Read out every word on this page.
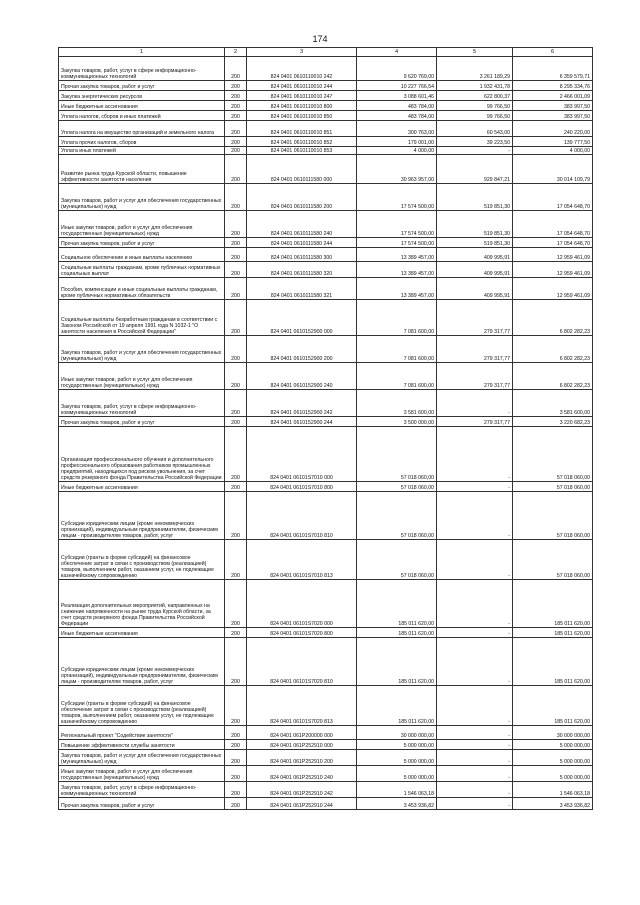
174
1	2	3	4	5	6
Закупка товаров, работ, услуг в сфере информационно-коммуникационных технологий	200	824 0401 0610110010 242	9 620 769,00	3 261 189,29	6 359 579,71
Прочая закупка товаров, работ и услуг	200	824 0401 0610110010 244	10 227 766,54	1 932 431,78	8 295 334,76
Закупка энергетических ресурсов	200	824 0401 0610110010 247	3 088 601,46	622 800,37	2 466 001,09
Иные бюджетные ассигнования	200	824 0401 0610110010 800	483 784,00	99 766,50	383 997,50
Уплата налогов, сборов и иных платежей	200	824 0401 0610110010 850	483 784,00	99 766,50	383 997,50
Уплата налога на имущество организаций и земельного налога	200	824 0401 0610110010 851	300 763,00	60 543,00	240 220,00
Уплата прочих налогов, сборов	200	824 0401 0610110010 852	179 001,00	39 223,50	139 777,50
Уплата иных платежей	200	824 0401 0610110010 853	4 000,00	-	4 000,00
Развитие рынка труда Курской области, повышение эффективности занятости населения	200	824 0401 0610111580 000	30 963 957,00	929 847,21	30 014 109,79
Закупка товаров, работ и услуг для обеспечения государственных (муниципальных) нужд	200	824 0401 0610111580 200	17 574 500,00	519 851,30	17 054 648,70
Иные закупки товаров, работ и услуг для обеспечения государственных (муниципальных) нужд	200	824 0401 0610111580 240	17 574 500,00	519 851,30	17 054 648,70
Прочая закупка товаров, работ и услуг	200	824 0401 0610111580 244	17 574 500,00	519 851,30	17 054 648,70
Социальное обеспечение и иные выплаты населению	200	824 0401 0610111580 300	13 389 457,00	409 995,91	12 959 461,09
Социальные выплаты гражданам, кроме публичных нормативных социальных выплат	200	824 0401 0610111580 320	13 389 457,00	409 995,91	12 959 461,09
Пособия, компенсации и иные социальные выплаты гражданам, кроме публичных нормативных обязательств	200	824 0401 0610111580 321	13 389 457,00	409 995,91	12 959 461,09
Социальные выплаты безработным гражданам в соответствии с Законом Российской от 19 апреля 1991 года N 1032-1 "О занятости населения в Российской Федерации"	200	824 0401 0610152900 000	7 081 600,00	279 317,77	6 802 282,23
Закупка товаров, работ и услуг для обеспечения государственных (муниципальных) нужд	200	824 0401 0610152900 200	7 081 600,00	279 317,77	6 802 282,23
Иные закупки товаров, работ и услуг для обеспечения государственных (муниципальных) нужд	200	824 0401 0610152900 240	7 081 600,00	279 317,77	6 802 282,23
Закупка товаров, работ, услуг в сфере информационно-коммуникационных технологий	200	824 0401 0610152900 242	3 581 600,00	-	3 581 600,00
Прочая закупка товаров, работ и услуг	200	824 0401 0610152900 244	3 500 000,00	279 317,77	3 220 682,23
Организация профессионального обучения и дополнительного профессионального образования работников промышленных предприятий, находящихся под риском увольнения, за счет средств резервного фонда Правительства Российской Федерации	200	824 0401 06101S7010 000	57 018 060,00	-	57 018 060,00
Иные бюджетные ассигнования	200	824 0401 06101S7010 800	57 018 060,00	-	57 018 060,00
Субсидии юридическим лицам (кроме некоммерческих организаций), индивидуальным предпринимателям, физическим лицам - производителям товаров, работ, услуг	200	824 0401 06101S7010 810	57 018 060,00	-	57 018 060,00
Субсидии (гранты в форме субсидий) на финансовое обеспечение затрат в связи с производством (реализацией) товаров, выполнением работ, оказанием услуг, не подлежащие казначейскому сопровождению	200	824 0401 06101S7010 813	57 018 060,00	-	57 018 060,00
Реализация дополнительных мероприятий, направленных на снижение напряженности на рынке труда Курской области, за счет средств резервного фонда Правительства Российской Федерации	200	824 0401 06101S7020 000	185 011 620,00	-	185 011 620,00
Иные бюджетные ассигнования	200	824 0401 06101S7020 800	185 011 620,00	-	185 011 620,00
Субсидии юридическим лицам (кроме некоммерческих организаций), индивидуальным предпринимателям, физическим лицам - производителям товаров, работ, услуг	200	824 0401 06101S7020 810	185 011 620,00	-	185 011 620,00
Субсидии (гранты в форме субсидий) на финансовое обеспечение затрат в связи с производством (реализацией) товаров, выполнением работ, оказанием услуг, не подлежащие казначейскому сопровождению	200	824 0401 06101S7020 813	185 011 620,00	-	185 011 620,00
Региональный проект "Содействие занятости"	200	824 0401 061P200000 000	30 000 000,00	-	30 000 000,00
Повышение эффективности службы занятости	200	824 0401 061P252910 000	5 000 000,00	-	5 000 000,00
Закупка товаров, работ и услуг для обеспечения государственных (муниципальных) нужд	200	824 0401 061P252910 200	5 000 000,00	-	5 000 000,00
Иные закупки товаров, работ и услуг для обеспечения государственных (муниципальных) нужд	200	824 0401 061P252910 240	5 000 000,00	-	5 000 000,00
Закупка товаров, работ, услуг в сфере информационно-коммуникационных технологий	200	824 0401 061P252910 242	1 546 063,18	-	1 546 063,18
Прочая закупка товаров, работ и услуг	200	824 0401 061P252910 244	3 453 936,82	-	3 453 936,82
